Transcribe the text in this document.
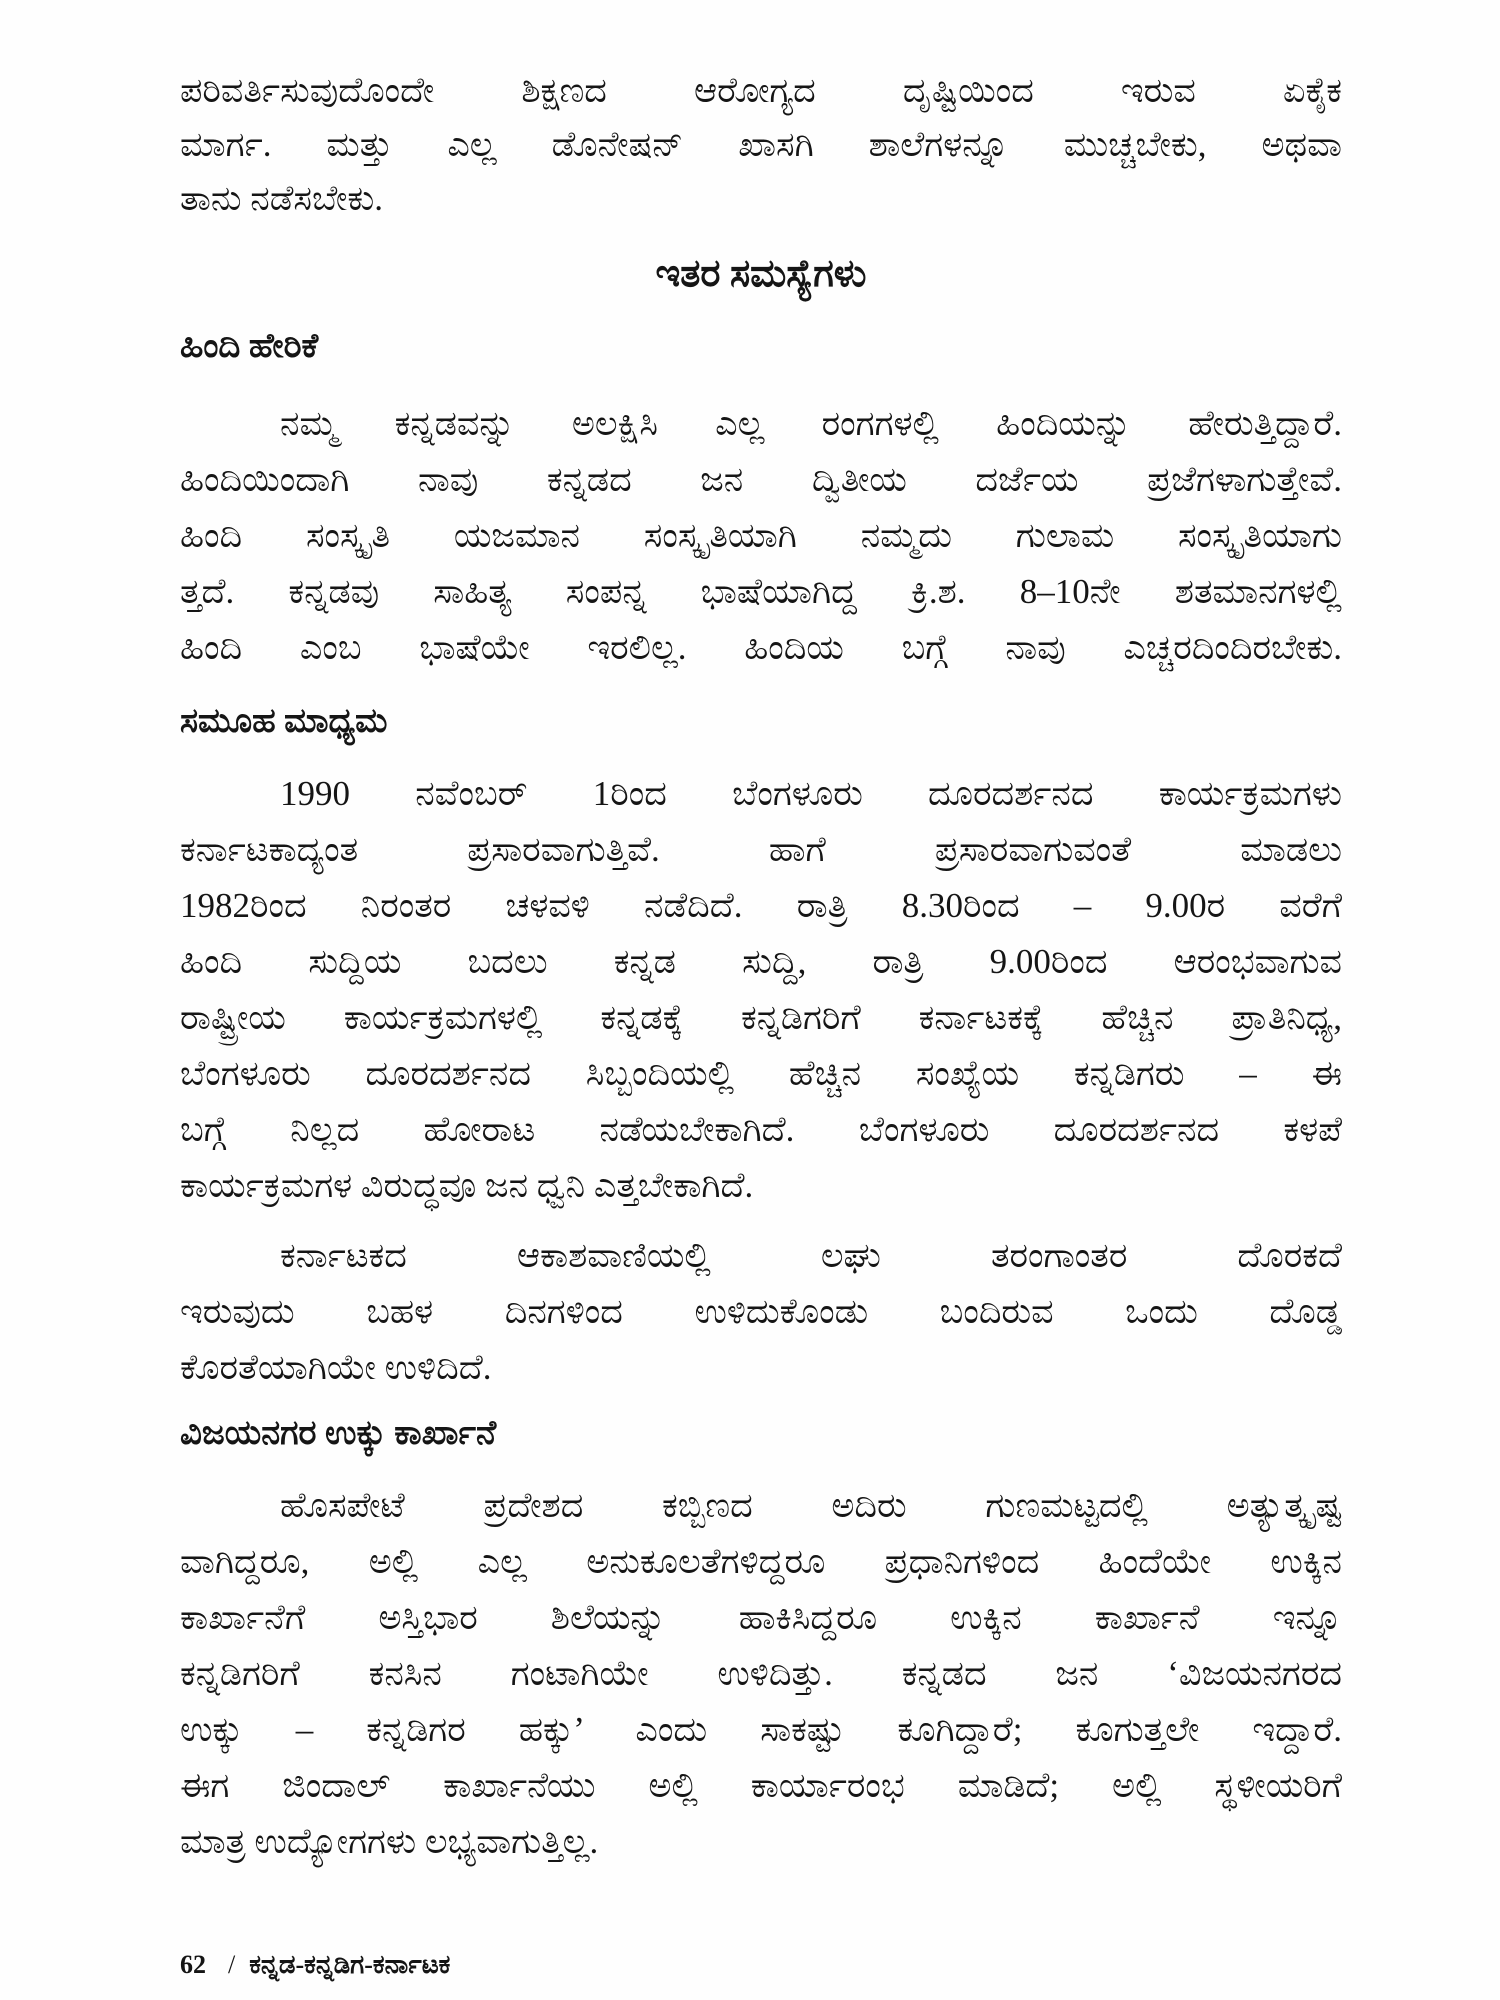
ಪರಿವರ್ತಿಸುವುದೊಂದೇ ಶಿಕ್ಷಣದ ಆರೋಗ್ಯದ ದೃಷ್ಟಿಯಿಂದ ಇರುವ ಏಕೈಕ
ಮಾರ್ಗ. ಮತ್ತು ಎಲ್ಲ ಡೊನೇಷನ್ ಖಾಸಗಿ ಶಾಲೆಗಳನ್ನೂ ಮುಚ್ಚಬೇಕು, ಅಥವಾ
ತಾನು ನಡೆಸಬೇಕು.
ಇತರ ಸಮಸ್ಯೆಗಳು
ಹಿಂದಿ ಹೇರಿಕೆ
ನಮ್ಮ ಕನ್ನಡವನ್ನು ಅಲಕ್ಷಿಸಿ ಎಲ್ಲ ರಂಗಗಳಲ್ಲಿ ಹಿಂದಿಯನ್ನು ಹೇರುತ್ತಿದ್ದಾರೆ.
ಹಿಂದಿಯಿಂದಾಗಿ ನಾವು ಕನ್ನಡದ ಜನ ದ್ವಿತೀಯ ದರ್ಜೆಯ ಪ್ರಜೆಗಳಾಗುತ್ತೇವೆ.
ಹಿಂದಿ ಸಂಸ್ಕೃತಿ ಯಜಮಾನ ಸಂಸ್ಕೃತಿಯಾಗಿ ನಮ್ಮದು ಗುಲಾಮ ಸಂಸ್ಕೃತಿಯಾಗು
ತ್ತದೆ. ಕನ್ನಡವು ಸಾಹಿತ್ಯ ಸಂಪನ್ನ ಭಾಷೆಯಾಗಿದ್ದ ಕ್ರಿ.ಶ. 8–10ನೇ ಶತಮಾನಗಳಲ್ಲಿ
ಹಿಂದಿ ಎಂಬ ಭಾಷೆಯೇ ಇರಲಿಲ್ಲ. ಹಿಂದಿಯ ಬಗ್ಗೆ ನಾವು ಎಚ್ಚರದಿಂದಿರಬೇಕು.
ಸಮೂಹ ಮಾಧ್ಯಮ
1990 ನವೆಂಬರ್ 1ರಿಂದ ಬೆಂಗಳೂರು ದೂರದರ್ಶನದ ಕಾರ್ಯಕ್ರಮಗಳು
ಕರ್ನಾಟಕಾದ್ಯಂತ ಪ್ರಸಾರವಾಗುತ್ತಿವೆ. ಹಾಗೆ ಪ್ರಸಾರವಾಗುವಂತೆ ಮಾಡಲು
1982ರಿಂದ ನಿರಂತರ ಚಳವಳಿ ನಡೆದಿದೆ. ರಾತ್ರಿ 8.30ರಿಂದ – 9.00ರ ವರೆಗೆ
ಹಿಂದಿ ಸುದ್ದಿಯ ಬದಲು ಕನ್ನಡ ಸುದ್ದಿ, ರಾತ್ರಿ 9.00ರಿಂದ ಆರಂಭವಾಗುವ
ರಾಷ್ಟ್ರೀಯ ಕಾರ್ಯಕ್ರಮಗಳಲ್ಲಿ ಕನ್ನಡಕ್ಕೆ ಕನ್ನಡಿಗರಿಗೆ ಕರ್ನಾಟಕಕ್ಕೆ ಹೆಚ್ಚಿನ ಪ್ರಾತಿನಿಧ್ಯ,
ಬೆಂಗಳೂರು ದೂರದರ್ಶನದ ಸಿಬ್ಬಂದಿಯಲ್ಲಿ ಹೆಚ್ಚಿನ ಸಂಖ್ಯೆಯ ಕನ್ನಡಿಗರು – ಈ
ಬಗ್ಗೆ ನಿಲ್ಲದ ಹೋರಾಟ ನಡೆಯಬೇಕಾಗಿದೆ. ಬೆಂಗಳೂರು ದೂರದರ್ಶನದ ಕಳಪೆ
ಕಾರ್ಯಕ್ರಮಗಳ ವಿರುದ್ಧವೂ ಜನ ಧ್ವನಿ ಎತ್ತಬೇಕಾಗಿದೆ.
ಕರ್ನಾಟಕದ ಆಕಾಶವಾಣಿಯಲ್ಲಿ ಲಘು ತರಂಗಾಂತರ ದೊರಕದೆ
ಇರುವುದು ಬಹಳ ದಿನಗಳಿಂದ ಉಳಿದುಕೊಂಡು ಬಂದಿರುವ ಒಂದು ದೊಡ್ಡ
ಕೊರತೆಯಾಗಿಯೇ ಉಳಿದಿದೆ.
ವಿಜಯನಗರ ಉಕ್ಕು ಕಾರ್ಖಾನೆ
ಹೊಸಪೇಟೆ ಪ್ರದೇಶದ ಕಬ್ಬಿಣದ ಅದಿರು ಗುಣಮಟ್ಟದಲ್ಲಿ ಅತ್ಯುತ್ಕೃಷ್ಟ
ವಾಗಿದ್ದರೂ, ಅಲ್ಲಿ ಎಲ್ಲ ಅನುಕೂಲತೆಗಳಿದ್ದರೂ ಪ್ರಧಾನಿಗಳಿಂದ ಹಿಂದೆಯೇ ಉಕ್ಕಿನ
ಕಾರ್ಖಾನೆಗೆ ಅಸ್ತಿಭಾರ ಶಿಲೆಯನ್ನು ಹಾಕಿಸಿದ್ದರೂ ಉಕ್ಕಿನ ಕಾರ್ಖಾನೆ ಇನ್ನೂ
ಕನ್ನಡಿಗರಿಗೆ ಕನಸಿನ ಗಂಟಾಗಿಯೇ ಉಳಿದಿತ್ತು. ಕನ್ನಡದ ಜನ ‘ವಿಜಯನಗರದ
ಉಕ್ಕು – ಕನ್ನಡಿಗರ ಹಕ್ಕು’ ಎಂದು ಸಾಕಷ್ಟು ಕೂಗಿದ್ದಾರೆ; ಕೂಗುತ್ತಲೇ ಇದ್ದಾರೆ.
ಈಗ ಜಿಂದಾಲ್ ಕಾರ್ಖಾನೆಯು ಅಲ್ಲಿ ಕಾರ್ಯಾರಂಭ ಮಾಡಿದೆ; ಅಲ್ಲಿ ಸ್ಥಳೀಯರಿಗೆ
ಮಾತ್ರ ಉದ್ಯೋಗಗಳು ಲಭ್ಯವಾಗುತ್ತಿಲ್ಲ.
62 / ಕನ್ನಡ-ಕನ್ನಡಿಗ-ಕರ್ನಾಟಕ
